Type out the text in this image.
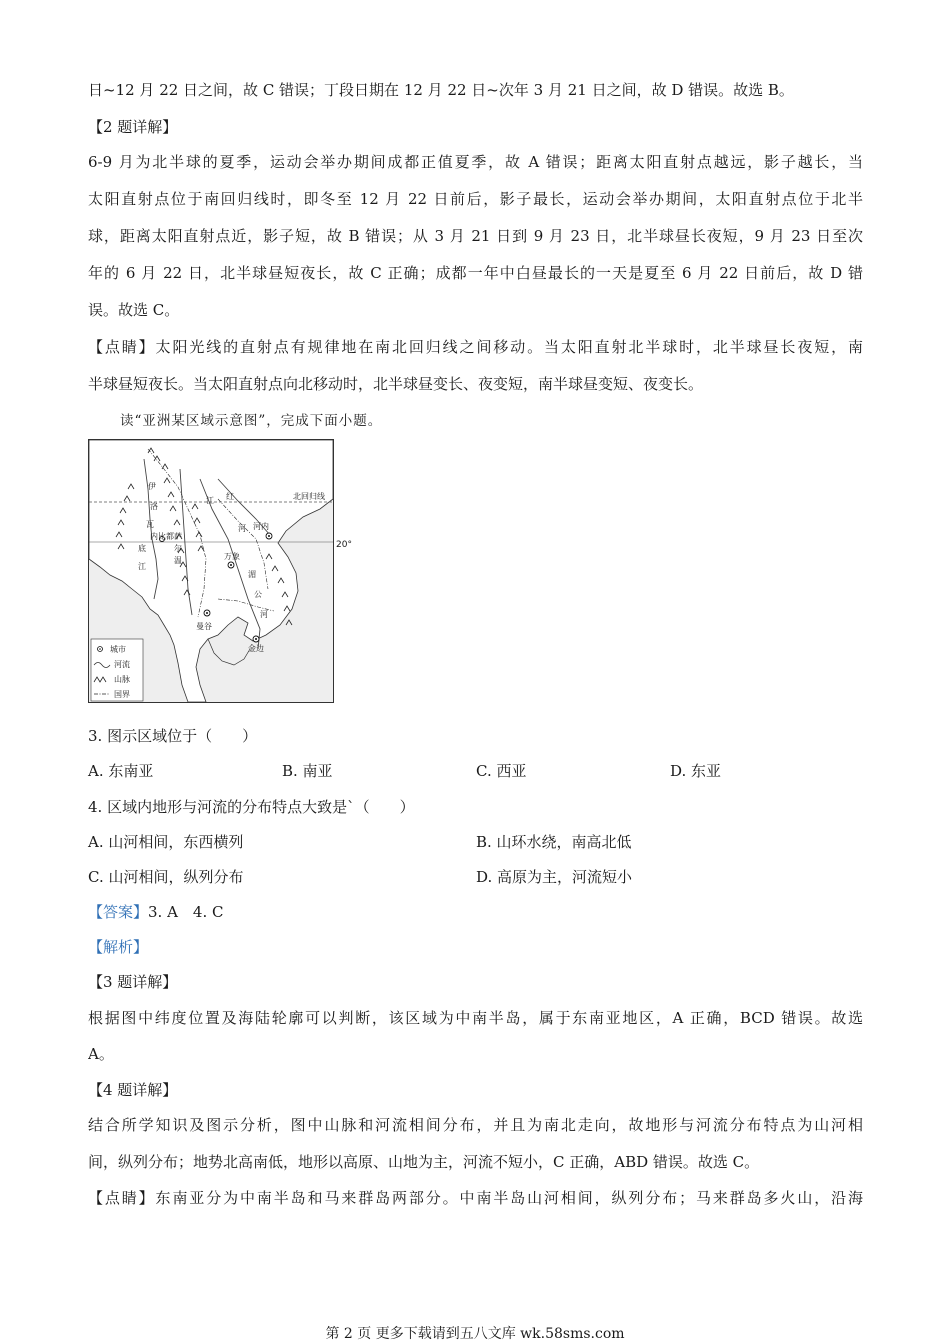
日~12 月 22 日之间，故 C 错误；丁段日期在 12 月 22 日~次年 3 月 21 日之间，故 D 错误。故选 B。
【2 题详解】
6-9 月为北半球的夏季，运动会举办期间成都正值夏季，故 A 错误；距离太阳直射点越远，影子越长，当
太阳直射点位于南回归线时，即冬至 12 月 22 日前后，影子最长，运动会举办期间，太阳直射点位于北半
球，距离太阳直射点近，影子短，故 B 错误；从 3 月 21 日到 9 月 23 日，北半球昼长夜短，9 月 23 日至次
年的 6 月 22 日，北半球昼短夜长，故 C 正确；成都一年中白昼最长的一天是夏至 6 月 22 日前后，故 D 错
误。故选 C。
【点睛】太阳光线的直射点有规律地在南北回归线之间移动。当太阳直射北半球时，北半球昼长夜短，南
半球昼短夜长。当太阳直射点向北移动时，北半球昼变长、夜变短，南半球昼变短、夜变长。
读“亚洲某区域示意图”，完成下面小题。
北回归线
红
河 河内
万象
曼谷
金边
伊
洛
瓦
底
江
萨
尔
温
江
湄
公
河
内比都
城市
河流
山脉
国界
20°
3. 图示区域位于（　　）
A. 东南亚	B. 南亚	C. 西亚	D. 东亚
4. 区域内地形与河流的分布特点大致是`（　　）
A. 山河相间，东西横列	B. 山环水绕，南高北低
C. 山河相间，纵列分布	D. 高原为主，河流短小
【答案】3. A　4. C
【解析】
【3 题详解】
根据图中纬度位置及海陆轮廓可以判断，该区域为中南半岛，属于东南亚地区，A 正确，BCD 错误。故选
A。
【4 题详解】
结合所学知识及图示分析，图中山脉和河流相间分布，并且为南北走向，故地形与河流分布特点为山河相
间，纵列分布；地势北高南低，地形以高原、山地为主，河流不短小，C 正确，ABD 错误。故选 C。
【点睛】东南亚分为中南半岛和马来群岛两部分。中南半岛山河相间，纵列分布；马来群岛多火山，沿海
第 2 页 更多下载请到五八文库 wk.58sms.com
